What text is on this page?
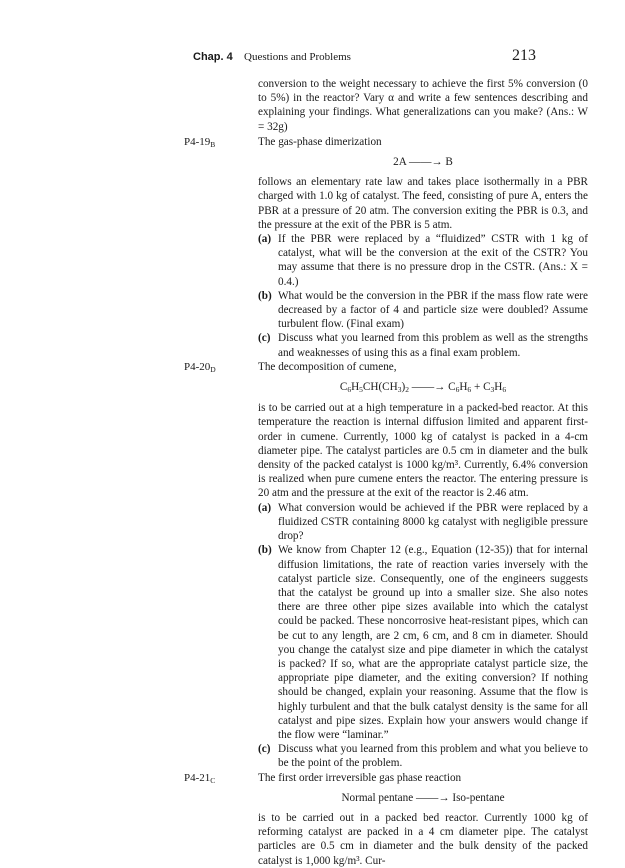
Chap. 4 Questions and Problems	213

conversion to the weight necessary to achieve the first 5% conversion (0 to 5%) in the reactor? Vary α and write a few sentences describing and explaining your findings. What generalizations can you make? (Ans.: W = 32g)

P4-19B	The gas-phase dimerization

2A ——→ B

follows an elementary rate law and takes place isothermally in a PBR charged with 1.0 kg of catalyst. The feed, consisting of pure A, enters the PBR at a pressure of 20 atm. The conversion exiting the PBR is 0.3, and the pressure at the exit of the PBR is 5 atm.

(a) If the PBR were replaced by a “fluidized” CSTR with 1 kg of catalyst, what will be the conversion at the exit of the CSTR? You may assume that there is no pressure drop in the CSTR. (Ans.: X = 0.4.)
(b) What would be the conversion in the PBR if the mass flow rate were decreased by a factor of 4 and particle size were doubled? Assume turbulent flow. (Final exam)
(c) Discuss what you learned from this problem as well as the strengths and weaknesses of using this as a final exam problem.
P4-20D	The decomposition of cumene,

C6H5CH(CH3)2 ——→ C6H6 + C3H6

is to be carried out at a high temperature in a packed-bed reactor. At this temperature the reaction is internal diffusion limited and apparent first-order in cumene. Currently, 1000 kg of catalyst is packed in a 4-cm diameter pipe. The catalyst particles are 0.5 cm in diameter and the bulk density of the packed catalyst is 1000 kg/m³. Currently, 6.4% conversion is realized when pure cumene enters the reactor. The entering pressure is 20 atm and the pressure at the exit of the reactor is 2.46 atm.

(a) What conversion would be achieved if the PBR were replaced by a fluidized CSTR containing 8000 kg catalyst with negligible pressure drop?
(b) We know from Chapter 12 (e.g., Equation (12-35)) that for internal diffusion limitations, the rate of reaction varies inversely with the catalyst particle size. Consequently, one of the engineers suggests that the catalyst be ground up into a smaller size. She also notes there are three other pipe sizes available into which the catalyst could be packed. These noncorrosive heat-resistant pipes, which can be cut to any length, are 2 cm, 6 cm, and 8 cm in diameter. Should you change the catalyst size and pipe diameter in which the catalyst is packed? If so, what are the appropriate catalyst particle size, the appropriate pipe diameter, and the exiting conversion? If nothing should be changed, explain your reasoning. Assume that the flow is highly turbulent and that the bulk catalyst density is the same for all catalyst and pipe sizes. Explain how your answers would change if the flow were “laminar.”
(c) Discuss what you learned from this problem and what you believe to be the point of the problem.
P4-21C	The first order irreversible gas phase reaction

Normal pentane ——→ Iso-pentane

is to be carried out in a packed bed reactor. Currently 1000 kg of reforming catalyst are packed in a 4 cm diameter pipe. The catalyst particles are 0.5 cm in diameter and the bulk density of the packed catalyst is 1,000 kg/m³. Cur-
